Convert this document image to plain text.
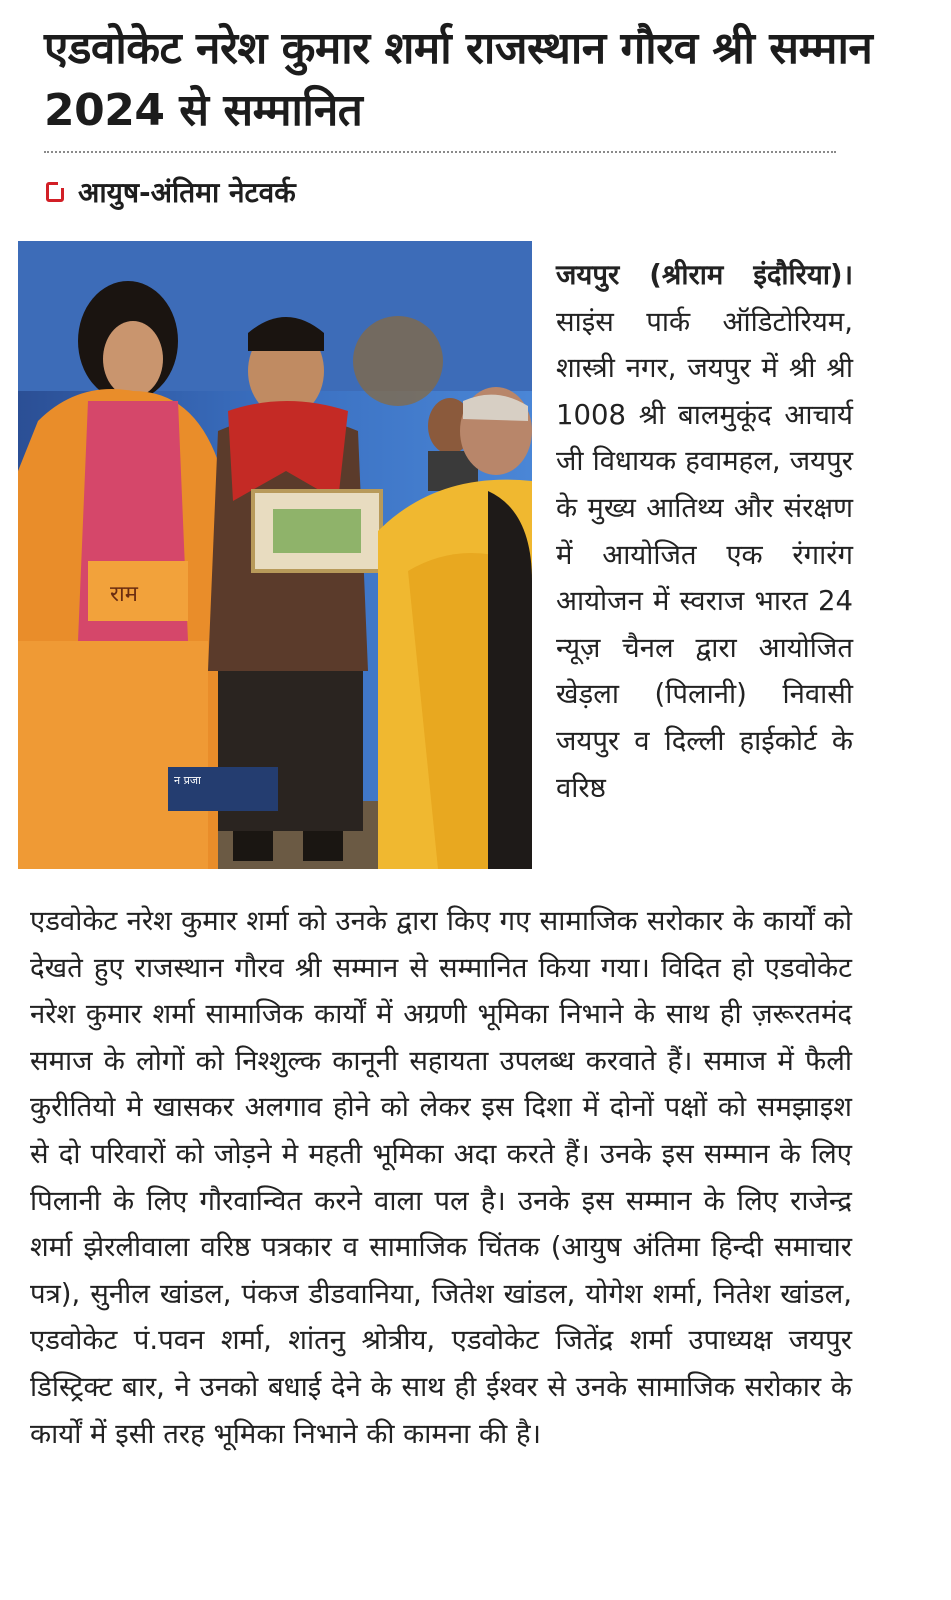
एडवोकेट नरेश कुमार शर्मा राजस्थान गौरव श्री सम्मान 2024 से सम्मानित
आयुष-अंतिमा नेटवर्क
राम
न प्रजा

जयपुर (श्रीराम इंदौरिया)। साइंस पार्क ऑडिटोरियम, शास्त्री नगर, जयपुर में श्री श्री 1008 श्री बालमुकूंद आचार्य जी विधायक हवामहल, जयपुर के मुख्य आतिथ्य और संरक्षण में आयोजित एक रंगारंग आयोजन में स्वराज भारत 24 न्यूज़ चैनल द्वारा आयोजित खेड़ला (पिलानी) निवासी जयपुर व दिल्ली हाईकोर्ट के वरिष्ठ

एडवोकेट नरेश कुमार शर्मा को उनके द्वारा किए गए सामाजिक सरोकार के कार्यों को देखते हुए राजस्थान गौरव श्री सम्मान से सम्मानित किया गया। विदित हो एडवोकेट नरेश कुमार शर्मा सामाजिक कार्यों में अग्रणी भूमिका निभाने के साथ ही ज़रूरतमंद समाज के लोगों को निश्शुल्क कानूनी सहायता उपलब्ध करवाते हैं। समाज में फैली कुरीतियो मे खासकर अलगाव होने को लेकर इस दिशा में दोनों पक्षों को समझाइश से दो परिवारों को जोड़ने मे महती भूमिका अदा करते हैं। उनके इस सम्मान के लिए पिलानी के लिए गौरवान्वित करने वाला पल है। उनके इस सम्मान के लिए राजेन्द्र शर्मा झेरलीवाला वरिष्ठ पत्रकार व सामाजिक चिंतक (आयुष अंतिमा हिन्दी समाचार पत्र), सुनील खांडल, पंकज डीडवानिया, जितेश खांडल, योगेश शर्मा, नितेश खांडल, एडवोकेट पं.पवन शर्मा, शांतनु श्रोत्रीय, एडवोकेट जितेंद्र शर्मा उपाध्यक्ष जयपुर डिस्ट्रिक्ट बार, ने उनको बधाई देने के साथ ही ईश्वर से उनके सामाजिक सरोकार के कार्यों में इसी तरह भूमिका निभाने की कामना की है।
